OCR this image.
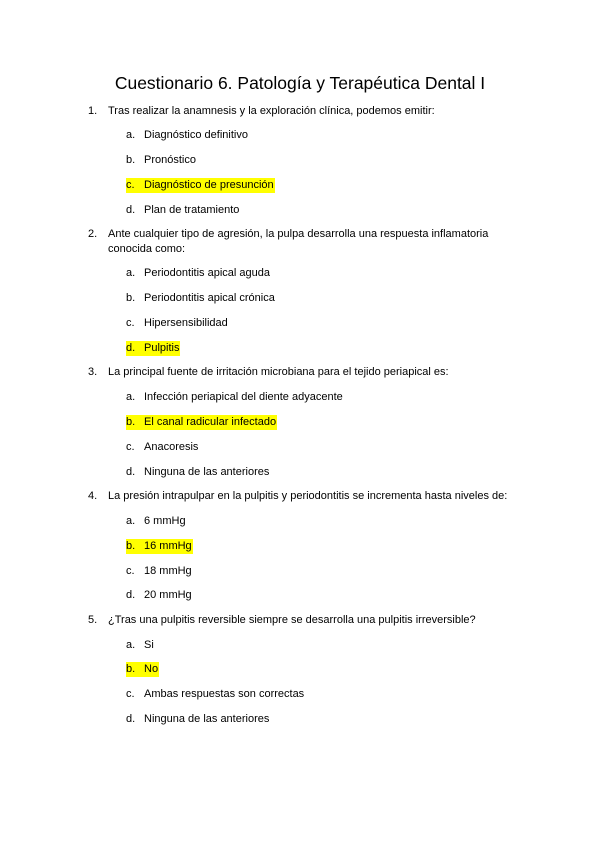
Cuestionario 6. Patología y Terapéutica Dental I
1. Tras realizar la anamnesis y la exploración clínica, podemos emitir:
a. Diagnóstico definitivo
b. Pronóstico
c. Diagnóstico de presunción
d. Plan de tratamiento
2. Ante cualquier tipo de agresión, la pulpa desarrolla una respuesta inflamatoria conocida como:
a. Periodontitis apical aguda
b. Periodontitis apical crónica
c. Hipersensibilidad
d. Pulpitis
3. La principal fuente de irritación microbiana para el tejido periapical es:
a. Infección periapical del diente adyacente
b. El canal radicular infectado
c. Anacoresis
d. Ninguna de las anteriores
4. La presión intrapulpar en la pulpitis y periodontitis se incrementa hasta niveles de:
a. 6 mmHg
b. 16 mmHg
c. 18 mmHg
d. 20 mmHg
5. ¿Tras una pulpitis reversible siempre se desarrolla una pulpitis irreversible?
a. Si
b. No
c. Ambas respuestas son correctas
d. Ninguna de las anteriores
